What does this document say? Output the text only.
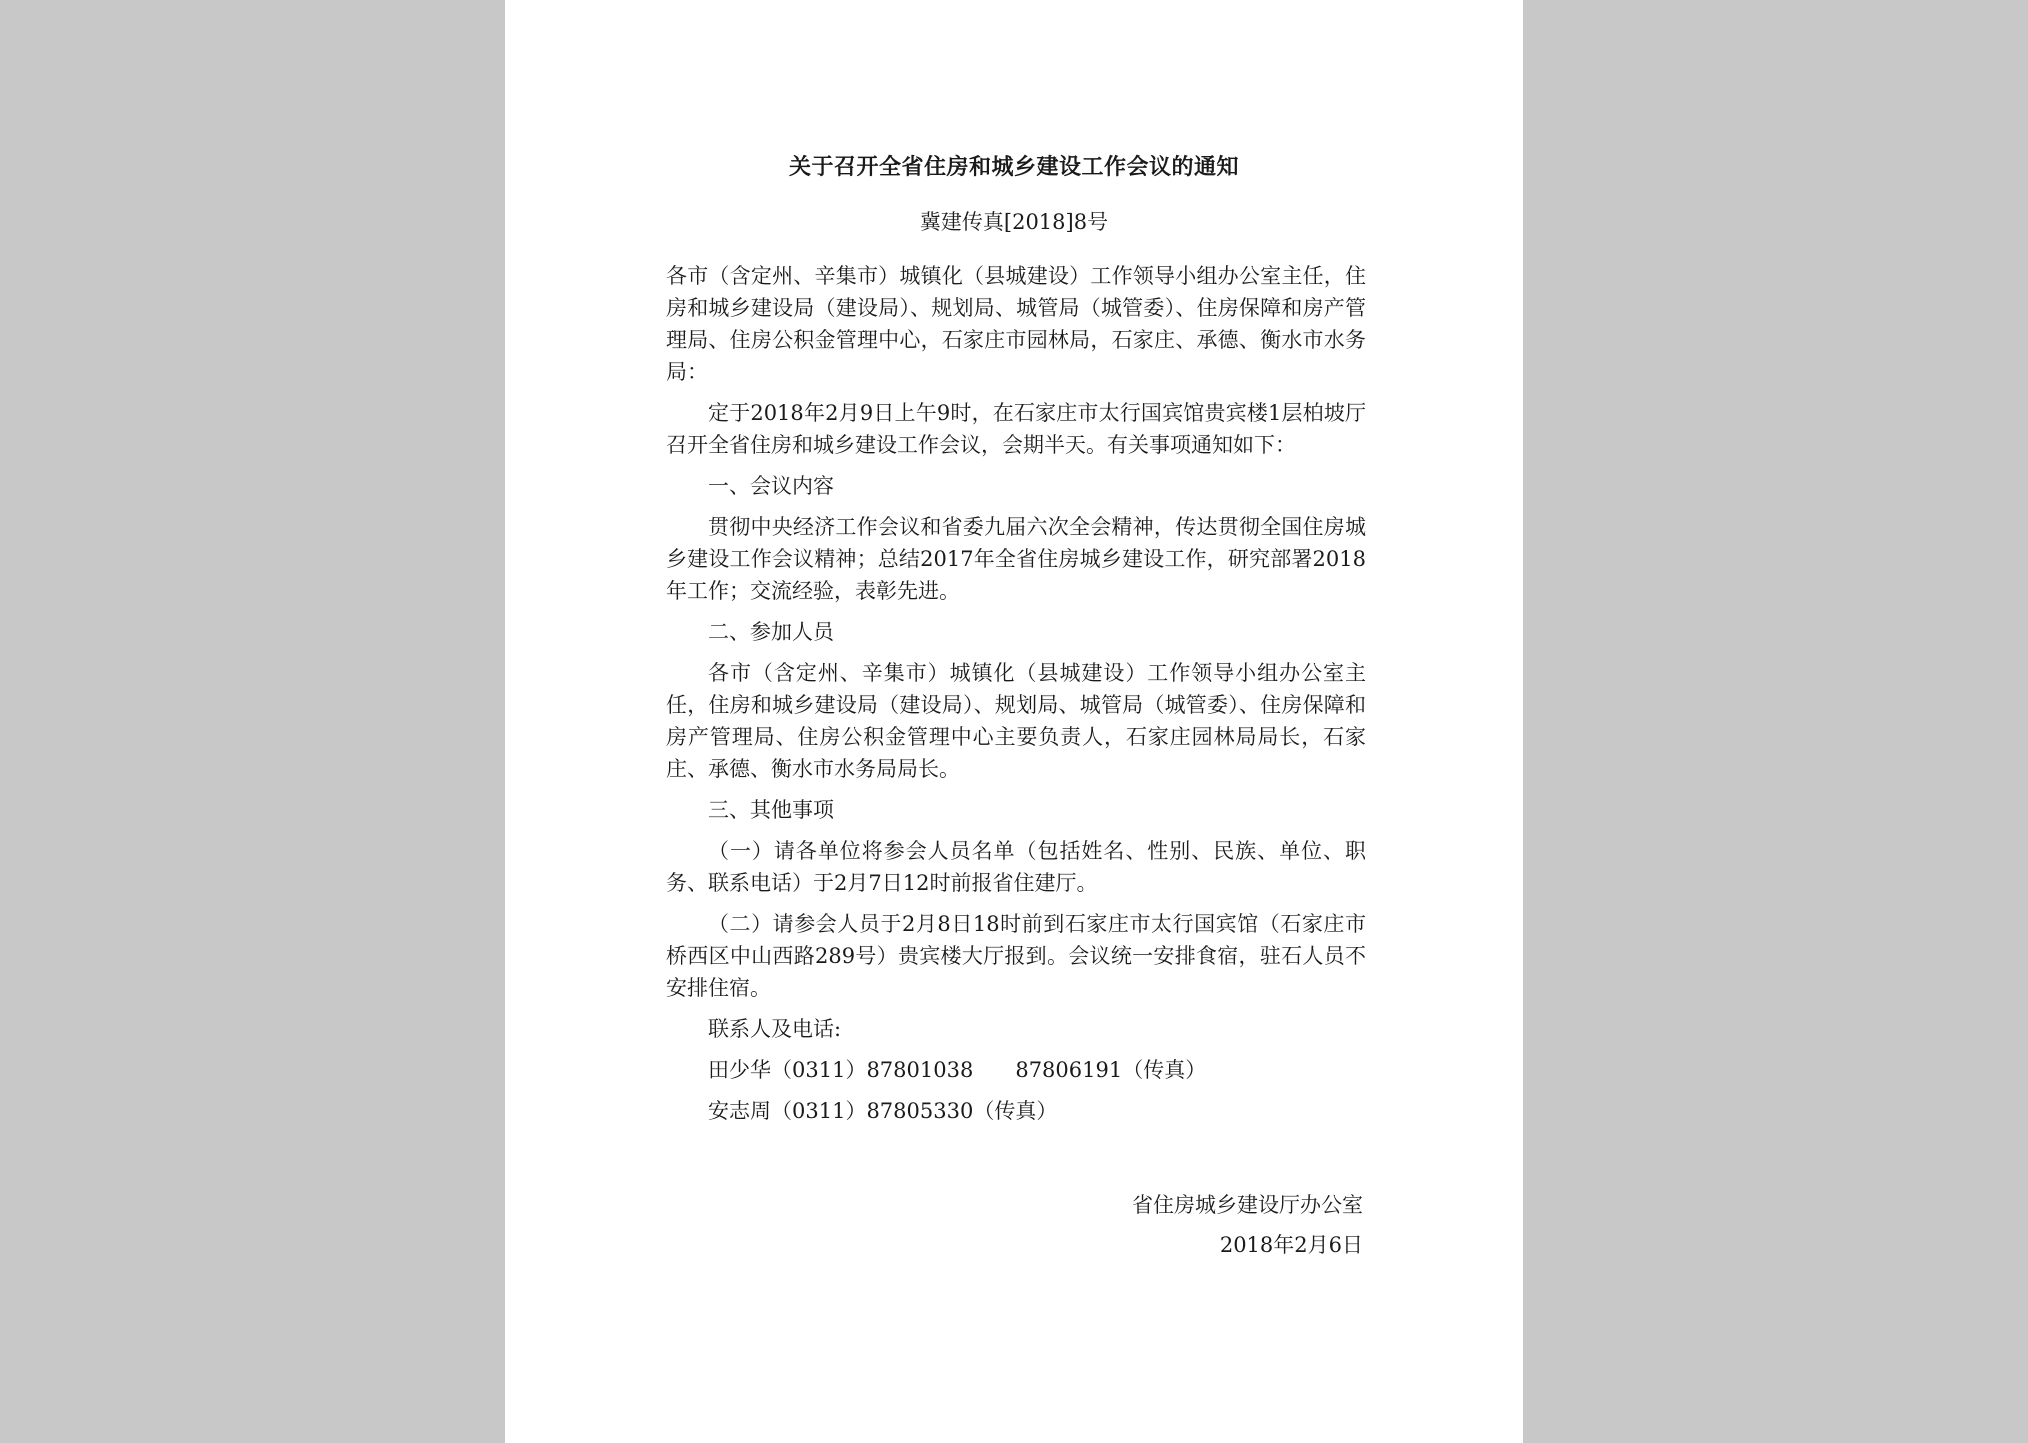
关于召开全省住房和城乡建设工作会议的通知
冀建传真[2018]8号

各市（含定州、辛集市）城镇化（县城建设）工作领导小组办公室主任，住房和城乡建设局（建设局）、规划局、城管局（城管委）、住房保障和房产管理局、住房公积金管理中心，石家庄市园林局，石家庄、承德、衡水市水务局：

定于2018年2月9日上午9时，在石家庄市太行国宾馆贵宾楼1层柏坡厅召开全省住房和城乡建设工作会议，会期半天。有关事项通知如下：

一、会议内容

贯彻中央经济工作会议和省委九届六次全会精神，传达贯彻全国住房城乡建设工作会议精神；总结2017年全省住房城乡建设工作，研究部署2018年工作；交流经验，表彰先进。

二、参加人员

各市（含定州、辛集市）城镇化（县城建设）工作领导小组办公室主任，住房和城乡建设局（建设局）、规划局、城管局（城管委）、住房保障和房产管理局、住房公积金管理中心主要负责人，石家庄园林局局长，石家庄、承德、衡水市水务局局长。

三、其他事项

（一）请各单位将参会人员名单（包括姓名、性别、民族、单位、职务、联系电话）于2月7日12时前报省住建厅。

（二）请参会人员于2月8日18时前到石家庄市太行国宾馆（石家庄市桥西区中山西路289号）贵宾楼大厅报到。会议统一安排食宿，驻石人员不安排住宿。

联系人及电话:

田少华（0311）87801038　　87806191（传真）

安志周（0311）87805330（传真）

省住房城乡建设厅办公室
2018年2月6日
